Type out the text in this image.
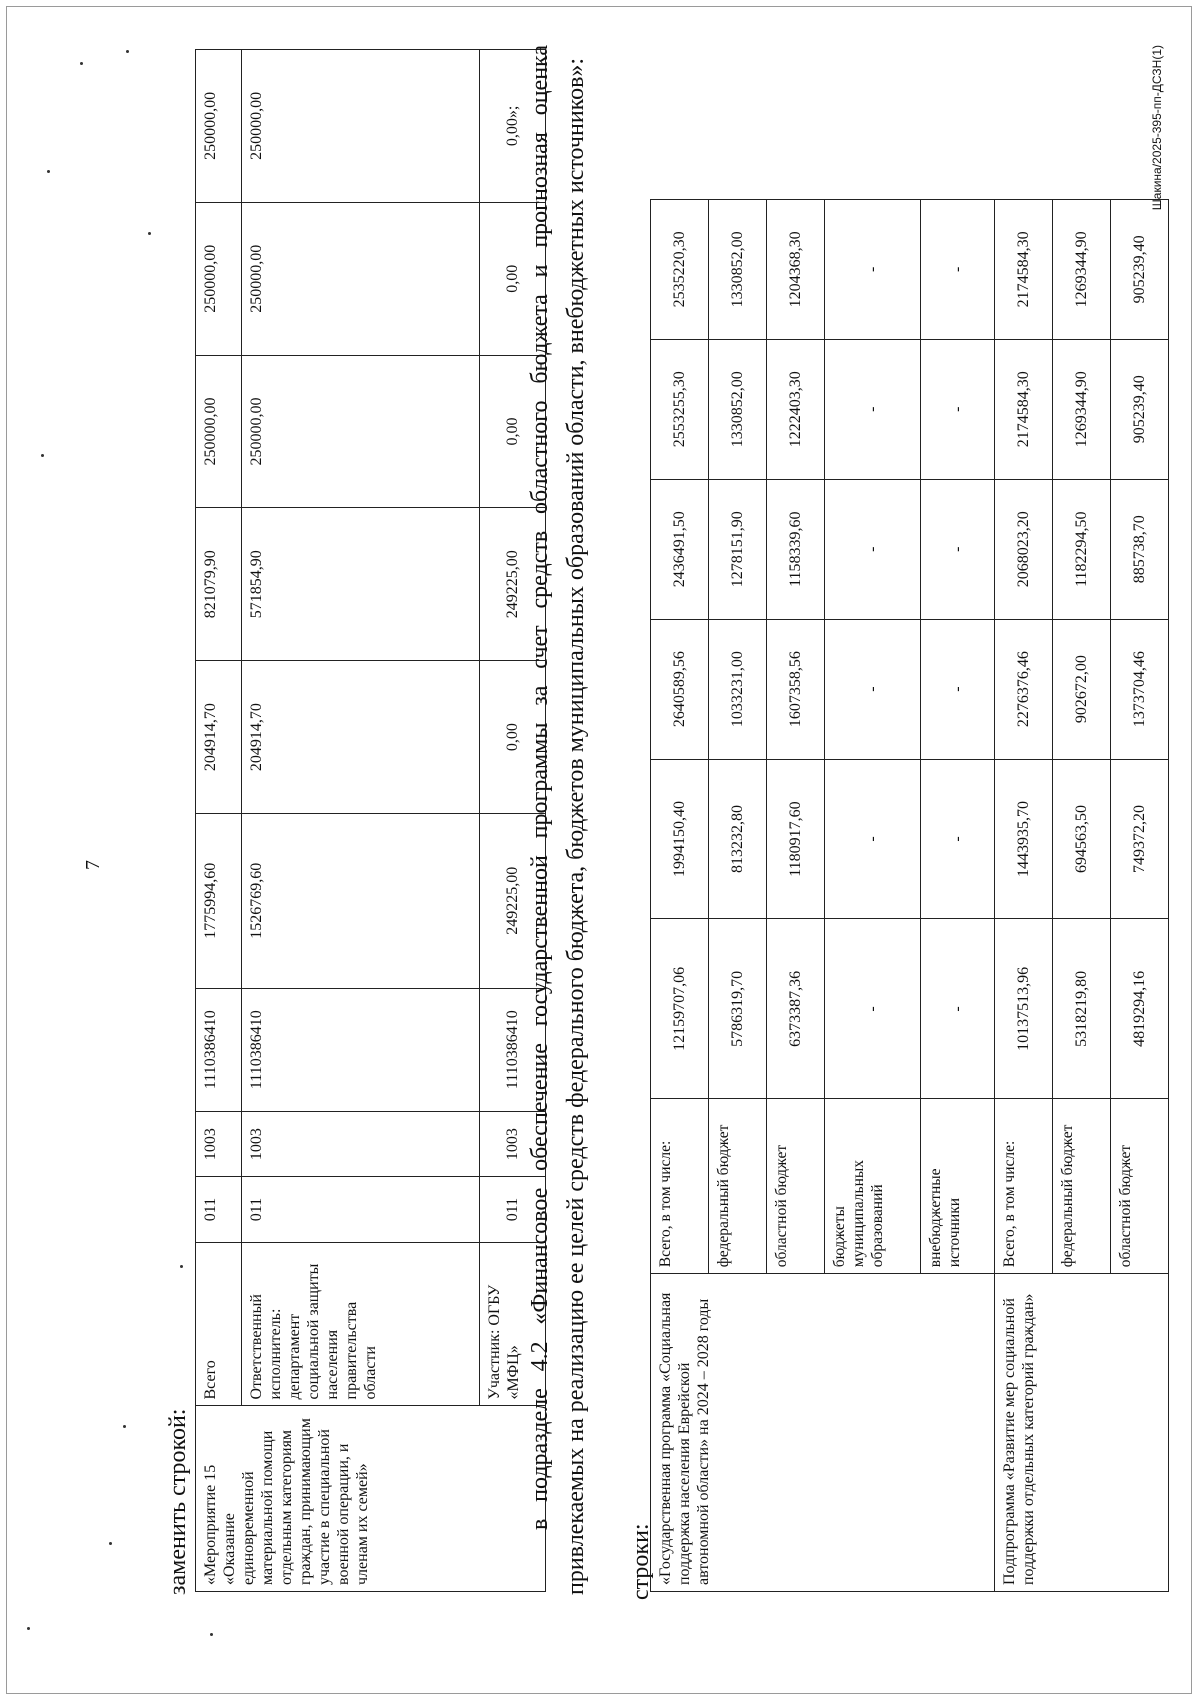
7
заменить строкой: «Мероприятие 15 «Оказание единовременной материальной помощи отдельным категориям граждан, принимающим участие в специальной военной операции, и членам их семей»	Всего	011	1003	1110386410	1775994,60	204914,70	821079,90	250000,00	250000,00	250000,00
	Ответственный исполнитель: департамент социальной защиты населения правительства области	011	1003	1110386410	1526769,60	204914,70	571854,90	250000,00	250000,00	250000,00
	Участник: ОГБУ «МФЦ»	011	1003	1110386410	249225,00	0,00	249225,00	0,00	0,00	0,00»; в подразделе 4.2 «Финансовое обеспечение государственной программы за счет средств областного бюджета и прогнозная оценка привлекаемых на реализацию ее целей средств федерального бюджета, бюджетов муниципальных образований области, внебюджетных источников»: строки: «Государственная программа «Социальная поддержка населения Еврейской автономной области» на 2024 – 2028 годы	Всего, в том числе:	12159707,06	1994150,40	2640589,56	2436491,50	2553255,30	2535220,30
	федеральный бюджет	5786319,70	813232,80	1033231,00	1278151,90	1330852,00	1330852,00
	областной бюджет	6373387,36	1180917,60	1607358,56	1158339,60	1222403,30	1204368,30
	бюджеты муниципальных образований	-	-	-	-	-	-
	внебюджетные источники	-	-	-	-	-	-
Подпрограмма «Развитие мер социальной поддержки отдельных категорий граждан»	Всего, в том числе:	10137513,96	1443935,70	2276376,46	2068023,20	2174584,30	2174584,30
	федеральный бюджет	5318219,80	694563,50	902672,00	1182294,50	1269344,90	1269344,90
	областной бюджет	4819294,16	749372,20	1373704,46	885738,70	905239,40	905239,40
Шакина/2025-395-пп-ДСЗН(1)
